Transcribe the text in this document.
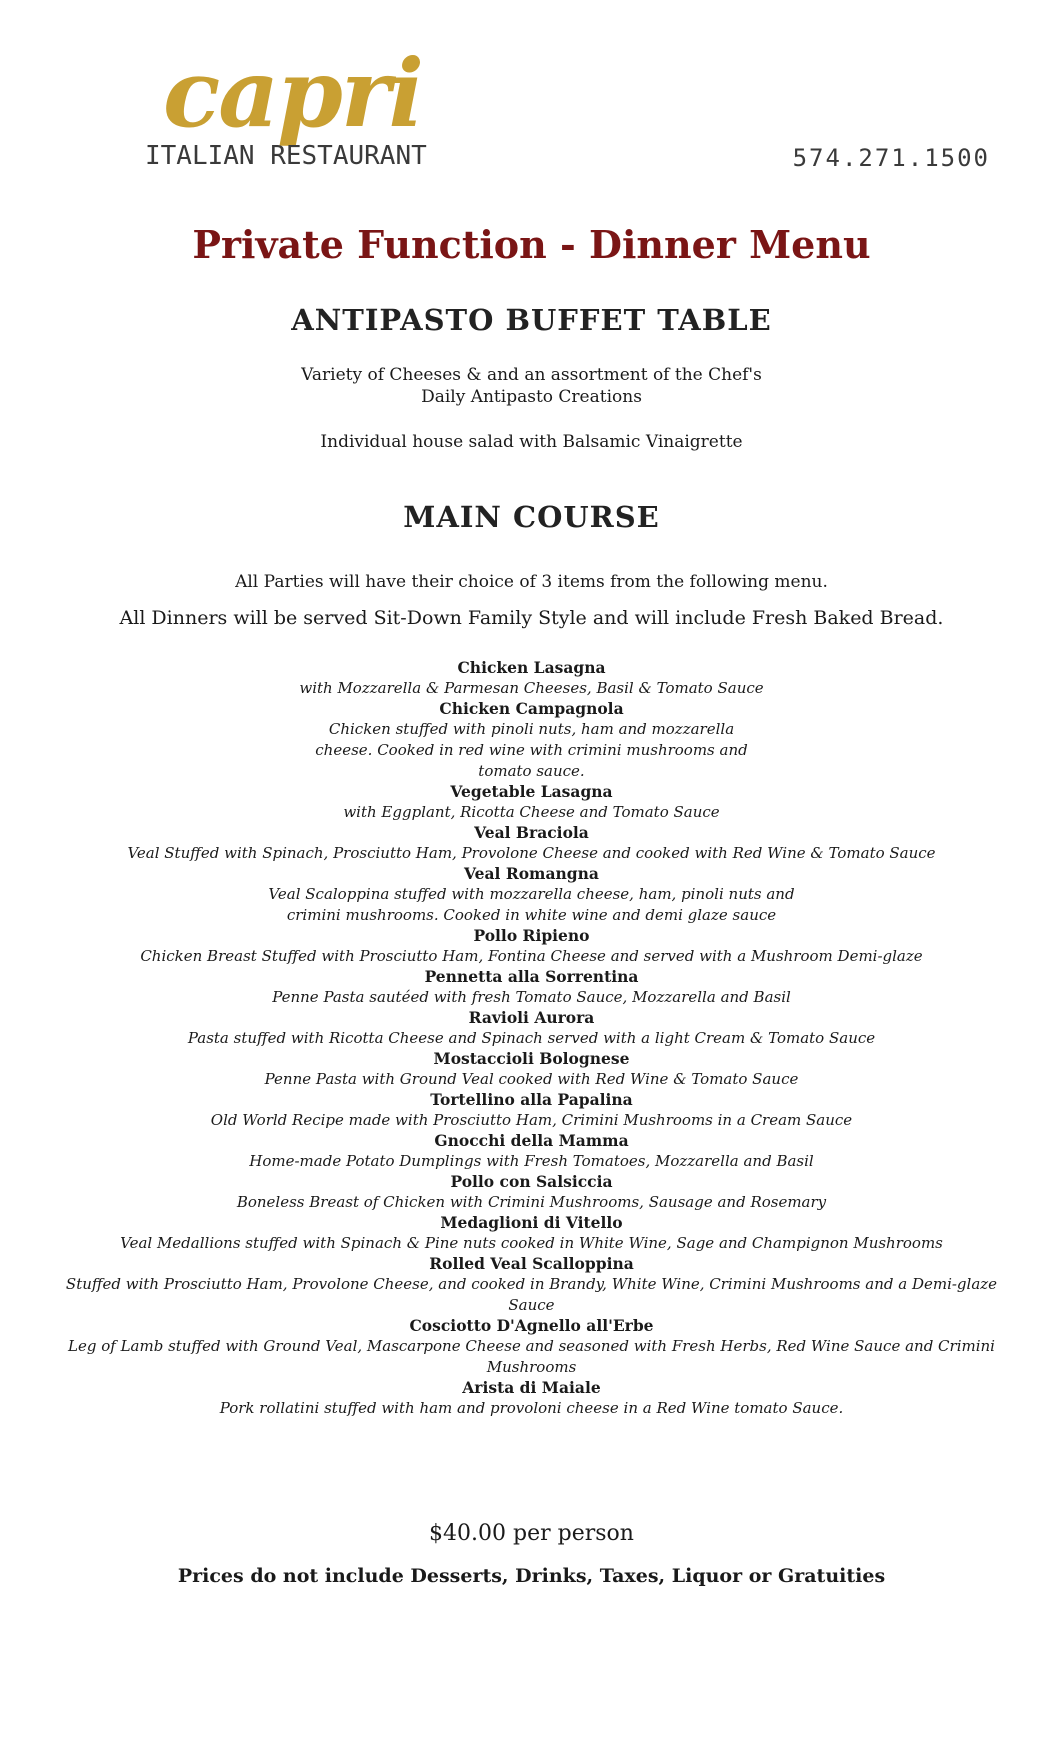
capri
ITALIAN RESTAURANT	574.271.1500
Private Function - Dinner Menu
ANTIPASTO BUFFET TABLE

Variety of Cheeses & and an assortment of the Chef's

Daily Antipasto Creations

Individual house salad with Balsamic Vinaigrette

MAIN COURSE

All Parties will have their choice of 3 items from the following menu.

All Dinners will be served Sit-Down Family Style and will include Fresh Baked Bread.

Chicken Lasagna
with Mozzarella & Parmesan Cheeses, Basil & Tomato Sauce
Chicken Campagnola
Chicken stuffed with pinoli nuts, ham and mozzarella cheese. Cooked in red wine with crimini mushrooms and tomato sauce.
Vegetable Lasagna
with Eggplant, Ricotta Cheese and Tomato Sauce
Veal Braciola
Veal Stuffed with Spinach, Prosciutto Ham, Provolone Cheese and cooked with Red Wine & Tomato Sauce
Veal Romangna
Veal Scaloppina stuffed with mozzarella cheese, ham, pinoli nuts and crimini mushrooms. Cooked in white wine and demi glaze sauce
Pollo Ripieno
Chicken Breast Stuffed with Prosciutto Ham, Fontina Cheese and served with a Mushroom Demi-glaze
Pennetta alla Sorrentina
Penne Pasta sautéed with fresh Tomato Sauce, Mozzarella and Basil
Ravioli Aurora
Pasta stuffed with Ricotta Cheese and Spinach served with a light Cream & Tomato Sauce
Mostaccioli Bolognese
Penne Pasta with Ground Veal cooked with Red Wine & Tomato Sauce
Tortellino alla Papalina
Old World Recipe made with Prosciutto Ham, Crimini Mushrooms in a Cream Sauce
Gnocchi della Mamma
Home-made Potato Dumplings with Fresh Tomatoes, Mozzarella and Basil
Pollo con Salsiccia
Boneless Breast of Chicken with Crimini Mushrooms, Sausage and Rosemary
Medaglioni di Vitello
Veal Medallions stuffed with Spinach & Pine nuts cooked in White Wine, Sage and Champignon Mushrooms
Rolled Veal Scalloppina
Stuffed with Prosciutto Ham, Provolone Cheese, and cooked in Brandy, White Wine, Crimini Mushrooms and a Demi-glaze Sauce
Cosciotto D'Agnello all'Erbe
Leg of Lamb stuffed with Ground Veal, Mascarpone Cheese and seasoned with Fresh Herbs, Red Wine Sauce and Crimini Mushrooms
Arista di Maiale
Pork rollatini stuffed with ham and provoloni cheese in a Red Wine tomato Sauce.

$40.00 per person

Prices do not include Desserts, Drinks, Taxes, Liquor or Gratuities
